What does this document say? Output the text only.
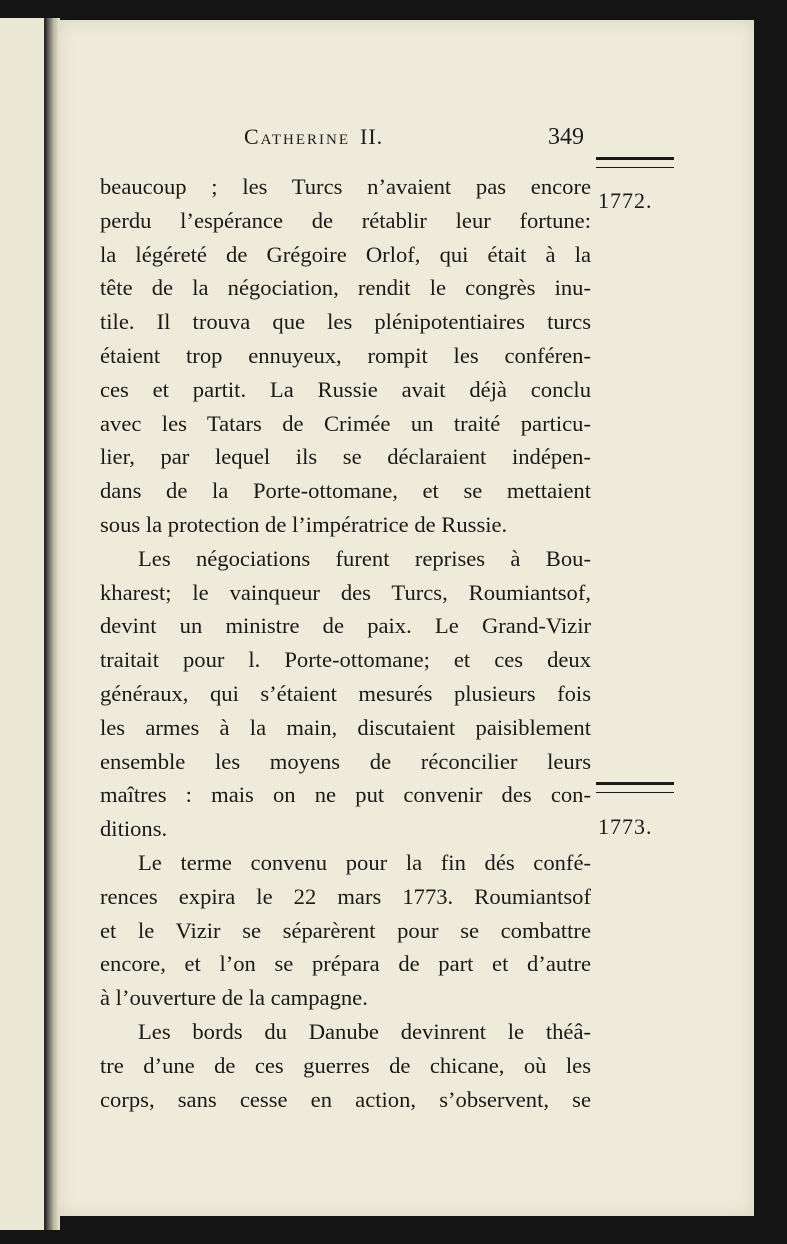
Catherine II.	349
1772.
1773.
beaucoup ; les Turcs n’avaient pas encore
perdu l’espérance de rétablir leur fortune:
la légéreté de Grégoire Orlof, qui était à la
tête de la négociation, rendit le congrès inu-
tile. Il trouva que les plénipotentiaires turcs
étaient trop ennuyeux, rompit les conféren-
ces et partit. La Russie avait déjà conclu
avec les Tatars de Crimée un traité particu-
lier, par lequel ils se déclaraient indépen-
dans de la Porte-ottomane, et se mettaient
sous la protection de l’impératrice de Russie.
Les négociations furent reprises à Bou-
kharest; le vainqueur des Turcs, Roumiantsof,
devint un ministre de paix. Le Grand-Vizir
traitait pour l. Porte-ottomane; et ces deux
généraux, qui s’étaient mesurés plusieurs fois
les armes à la main, discutaient paisiblement
ensemble les moyens de réconcilier leurs
maîtres : mais on ne put convenir des con-
ditions.
Le terme convenu pour la fin dés confé-
rences expira le 22 mars 1773. Roumiantsof
et le Vizir se séparèrent pour se combattre
encore, et l’on se prépara de part et d’autre
à l’ouverture de la campagne.
Les bords du Danube devinrent le théâ-
tre d’une de ces guerres de chicane, où les
corps, sans cesse en action, s’observent, se
